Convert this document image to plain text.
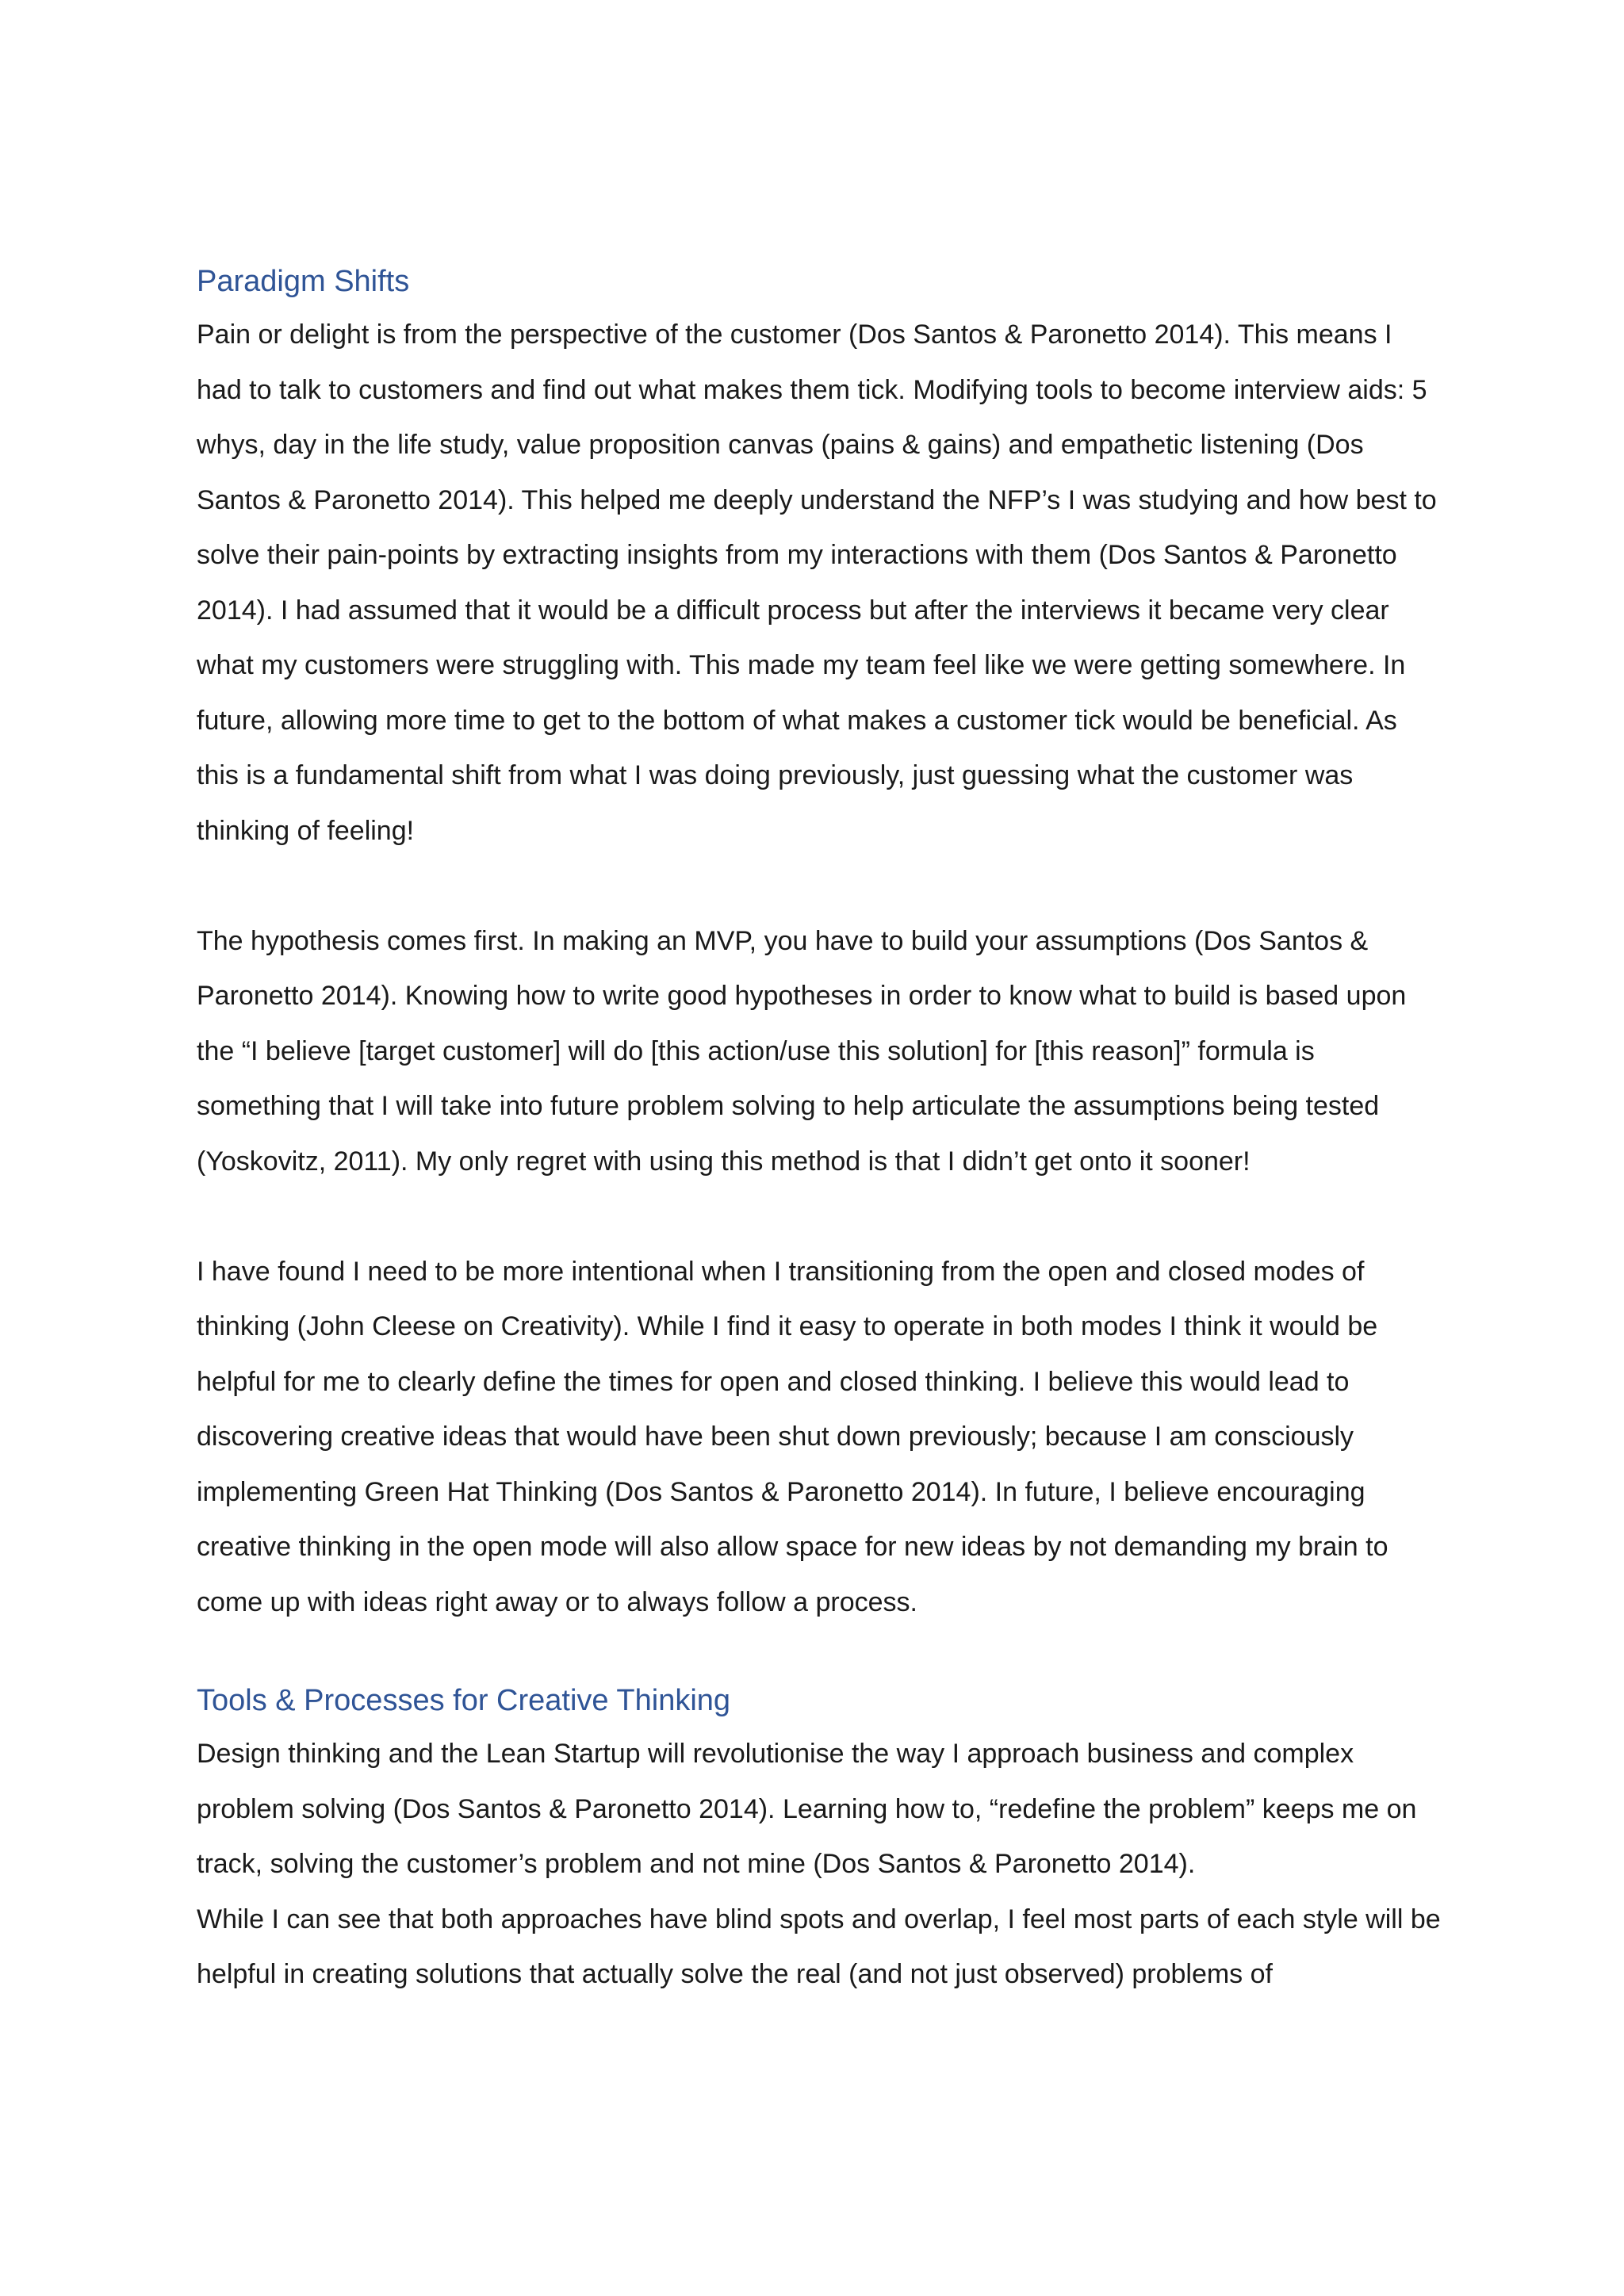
Paradigm Shifts

Pain or delight is from the perspective of the customer (Dos Santos & Paronetto 2014). This means I had to talk to customers and find out what makes them tick. Modifying tools to become interview aids: 5 whys, day in the life study, value proposition canvas (pains & gains) and empathetic listening (Dos Santos & Paronetto 2014). This helped me deeply understand the NFP’s I was studying and how best to solve their pain-points by extracting insights from my interactions with them (Dos Santos & Paronetto 2014). I had assumed that it would be a difficult process but after the interviews it became very clear what my customers were struggling with. This made my team feel like we were getting somewhere. In future, allowing more time to get to the bottom of what makes a customer tick would be beneficial. As this is a fundamental shift from what I was doing previously, just guessing what the customer was thinking of feeling!

The hypothesis comes first. In making an MVP, you have to build your assumptions (Dos Santos & Paronetto 2014). Knowing how to write good hypotheses in order to know what to build is based upon the “I believe [target customer] will do [this action/use this solution] for [this reason]” formula is something that I will take into future problem solving to help articulate the assumptions being tested (Yoskovitz, 2011). My only regret with using this method is that I didn’t get onto it sooner!

I have found I need to be more intentional when I transitioning from the open and closed modes of thinking (John Cleese on Creativity). While I find it easy to operate in both modes I think it would be helpful for me to clearly define the times for open and closed thinking. I believe this would lead to discovering creative ideas that would have been shut down previously; because I am consciously implementing Green Hat Thinking (Dos Santos & Paronetto 2014). In future, I believe encouraging creative thinking in the open mode will also allow space for new ideas by not demanding my brain to come up with ideas right away or to always follow a process.

Tools & Processes for Creative Thinking

Design thinking and the Lean Startup will revolutionise the way I approach business and complex problem solving (Dos Santos & Paronetto 2014). Learning how to, “redefine the problem” keeps me on track, solving the customer’s problem and not mine (Dos Santos & Paronetto 2014).

While I can see that both approaches have blind spots and overlap, I feel most parts of each style will be helpful in creating solutions that actually solve the real (and not just observed) problems of
